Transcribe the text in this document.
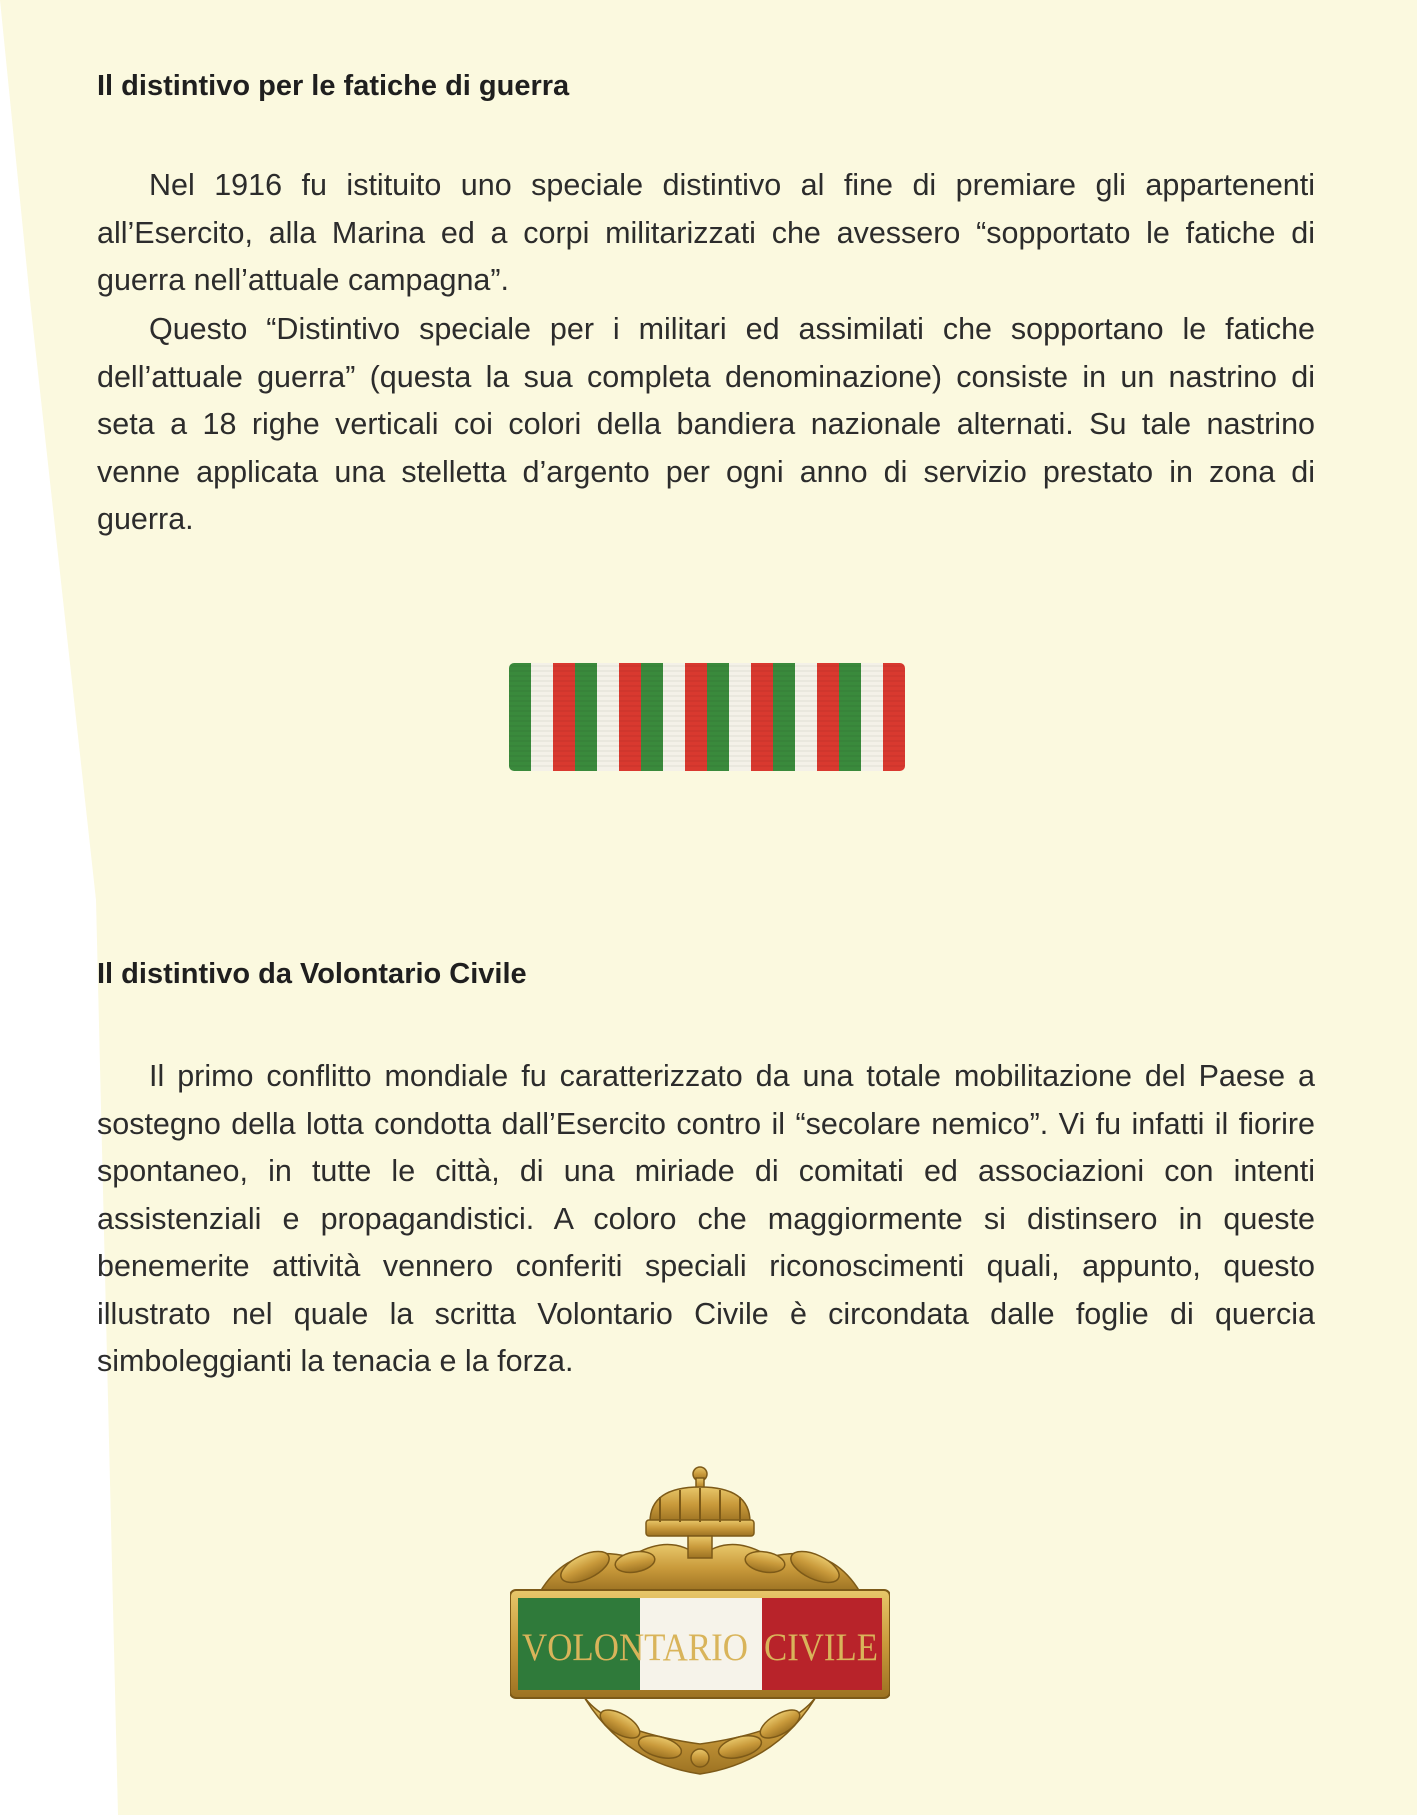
Il distintivo per le fatiche di guerra

Nel 1916 fu istituito uno speciale distintivo al fine di premiare gli appartenenti all’Esercito, alla Marina ed a corpi militarizzati che avessero “sopportato le fatiche di guerra nell’attuale campagna”.

Questo “Distintivo speciale per i militari ed assimilati che sopportano le fatiche dell’attuale guerra” (questa la sua completa denominazione) consiste in un nastrino di seta a 18 righe verticali coi colori della bandiera nazionale alternati. Su tale nastrino venne applicata una stelletta d’argento per ogni anno di servizio prestato in zona di guerra.

Il distintivo da Volontario Civile

Il primo conflitto mondiale fu caratterizzato da una totale mobilitazione del Paese a sostegno della lotta condotta dall’Esercito contro il “secolare nemico”. Vi fu infatti il fiorire spontaneo, in tutte le città, di una miriade di comitati ed associazioni con intenti assistenziali e propagandistici. A coloro che maggiormente si distinsero in queste benemerite attività vennero conferiti speciali riconoscimenti quali, appunto, questo illustrato nel quale la scritta Volontario Civile è circondata dalle foglie di quercia simboleggianti la tenacia e la forza.

VOLONTARIO CIVILE
